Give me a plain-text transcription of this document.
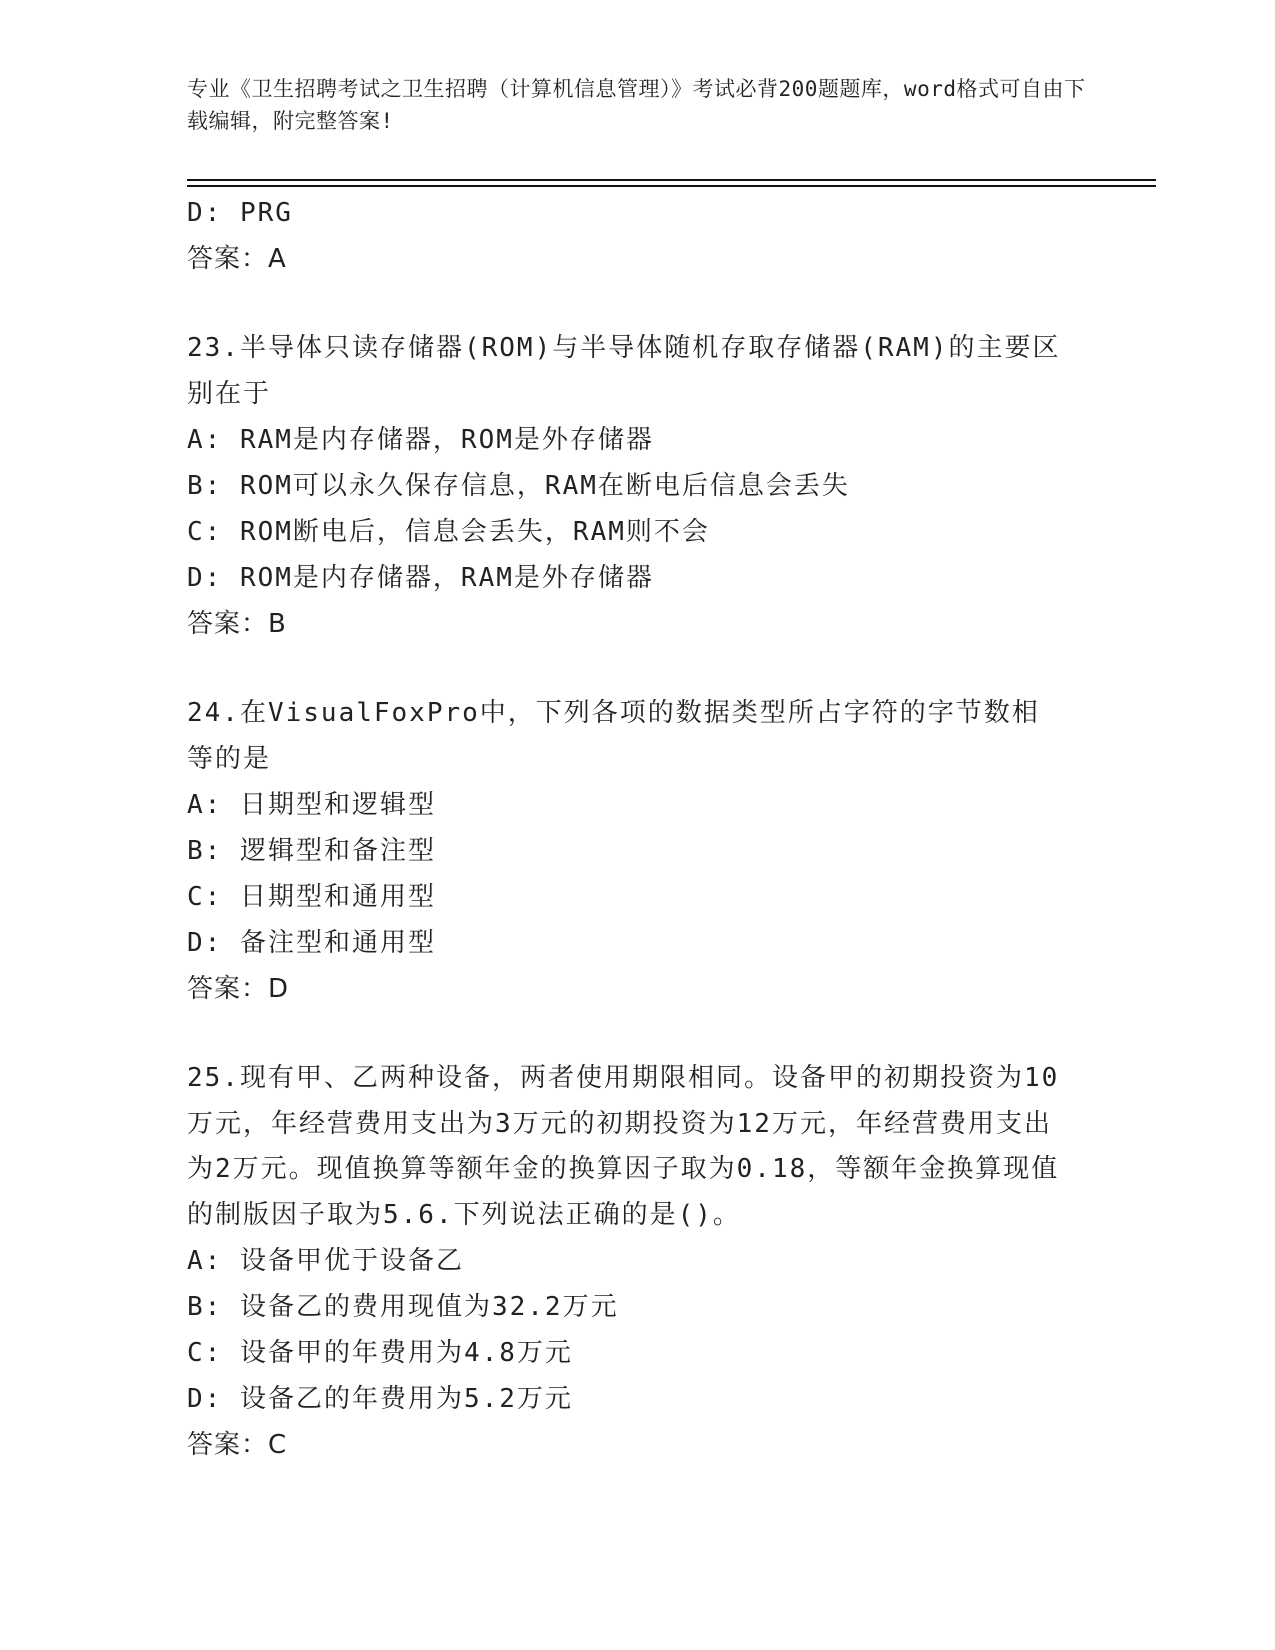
专业《卫生招聘考试之卫生招聘（计算机信息管理）》考试必背200题题库，word格式可自由下载编辑，附完整答案!
D: PRG
答案：A
23.半导体只读存储器(ROM)与半导体随机存取存储器(RAM)的主要区别在于
A: RAM是内存储器，ROM是外存储器
B: ROM可以永久保存信息，RAM在断电后信息会丢失
C: ROM断电后，信息会丢失，RAM则不会
D: ROM是内存储器，RAM是外存储器
答案：B
24.在VisualFoxPro中，下列各项的数据类型所占字符的字节数相等的是
A: 日期型和逻辑型
B: 逻辑型和备注型
C: 日期型和通用型
D: 备注型和通用型
答案：D
25.现有甲、乙两种设备，两者使用期限相同。设备甲的初期投资为10万元，年经营费用支出为3万元的初期投资为12万元，年经营费用支出为2万元。现值换算等额年金的换算因子取为0.18，等额年金换算现值的制版因子取为5.6.下列说法正确的是()。
A: 设备甲优于设备乙
B: 设备乙的费用现值为32.2万元
C: 设备甲的年费用为4.8万元
D: 设备乙的年费用为5.2万元
答案：C
